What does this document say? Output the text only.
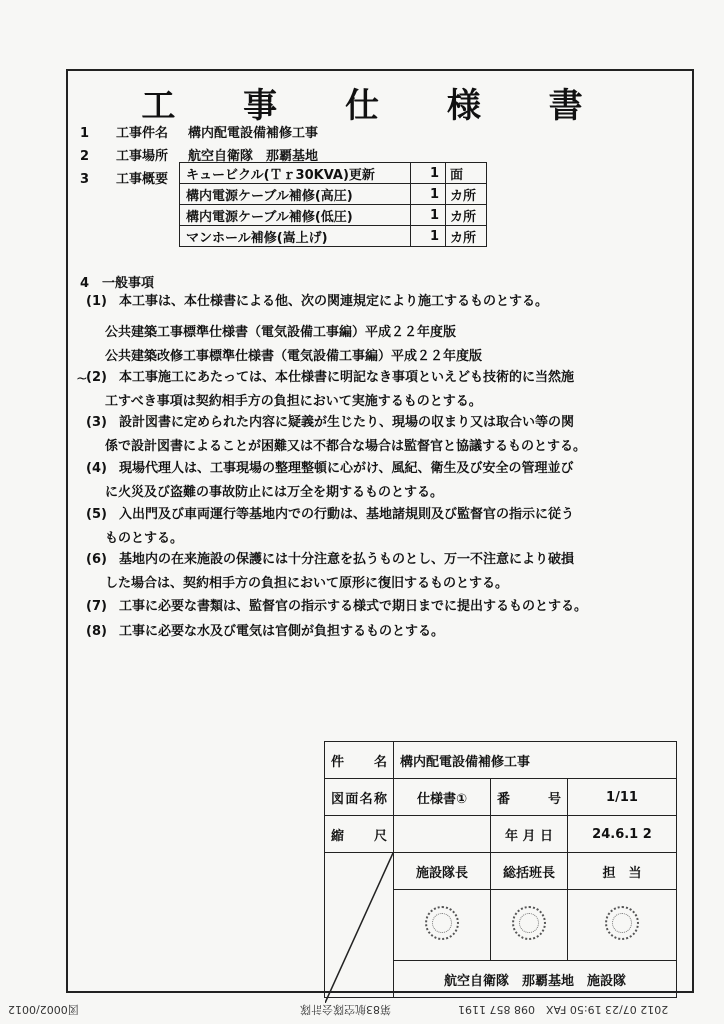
工 事 仕 様 書
1 工事件名 構内配電設備補修工事
2 工事場所 航空自衛隊　那覇基地
3 工事概要	キュービクル(Ｔｒ30KVA)更新	1	面
構内電源ケーブル補修(高圧)	1	カ所
構内電源ケーブル補修(低圧)	1	カ所
マンホール補修(嵩上げ)	1	カ所
4　一般事項
(1) 本工事は、本仕様書による他、次の関連規定により施工するものとする。
公共建築工事標準仕様書（電気設備工事編）平成２２年度版
公共建築改修工事標準仕様書（電気設備工事編）平成２２年度版
~
(2) 本工事施工にあたっては、本仕様書に明記なき事項といえども技術的に当然施
工すべき事項は契約相手方の負担において実施するものとする。
(3) 設計図書に定められた内容に疑義が生じたり、現場の収まり又は取合い等の関
係で設計図書によることが困難又は不都合な場合は監督官と協議するものとする。
(4) 現場代理人は、工事現場の整理整頓に心がけ、風紀、衛生及び安全の管理並び
に火災及び盗難の事故防止には万全を期するものとする。
(5) 入出門及び車両運行等基地内での行動は、基地諸規則及び監督官の指示に従う
ものとする。
(6) 基地内の在来施設の保護には十分注意を払うものとし、万一不注意により破損
した場合は、契約相手方の負担において原形に復旧するものとする。
(7) 工事に必要な書類は、監督官の指示する様式で期日までに提出するものとする。
(8) 工事に必要な水及び電気は官側が負担するものとする。
件　　名	構内配電設備補修工事		
図面名称	仕様書①	番　　号	1/11
縮　　尺		年 月 日	24.6.1 2

	施設隊長	総括班長	担　当

	航空自衛隊　那覇基地　施設隊		
図0002/0012	第83航空隊会計隊	2012 07/23 19:50 FAX　098 857 1191
